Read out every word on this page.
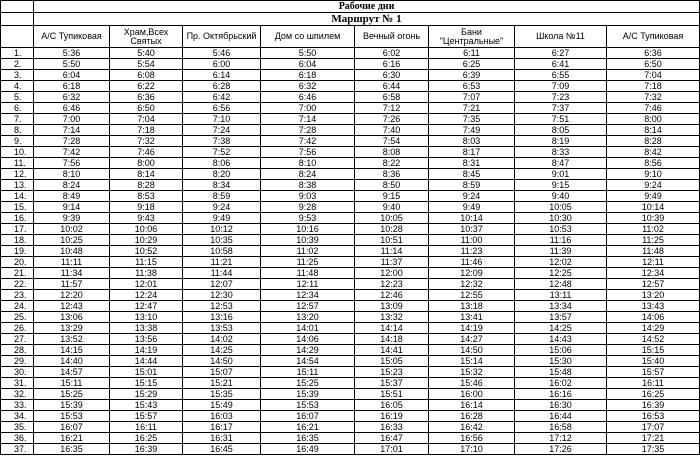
	Рабочие дни							
	Маршрут № 1							
	А/С Тупиковая	Храм,Всех Святых	Пр. Октябрьский	Дом со шпилем	Вечный огонь	Бани "Центральные"	Школа №11	А/С Тупиковая
1.	5:36	5:40	5:46	5:50	6:02	6:11	6:27	6:36
2.	5:50	5:54	6:00	6:04	6:16	6:25	6:41	6:50
3.	6:04	6:08	6:14	6:18	6:30	6:39	6:55	7:04
4.	6:18	6:22	6:28	6:32	6:44	6:53	7:09	7:18
5.	6:32	6:36	6:42	6:46	6:58	7:07	7:23	7:32
6.	6:46	6:50	6:56	7:00	7:12	7:21	7:37	7:46
7.	7:00	7:04	7:10	7:14	7:26	7:35	7:51	8:00
8.	7:14	7:18	7:24	7:28	7:40	7:49	8:05	8:14
9.	7:28	7:32	7:38	7:42	7:54	8:03	8:19	8:28
10.	7:42	7:46	7:52	7:56	8:08	8:17	8:33	8:42
11.	7:56	8:00	8:06	8:10	8:22	8:31	8:47	8:56
12.	8:10	8:14	8:20	8:24	8:36	8:45	9:01	9:10
13.	8:24	8:28	8:34	8:38	8:50	8:59	9:15	9:24
14.	8:49	8:53	8:59	9:03	9:15	9:24	9:40	9:49
15.	9:14	9:18	9:24	9:28	9:40	9:49	10:05	10:14
16.	9:39	9:43	9:49	9:53	10:05	10:14	10:30	10:39
17.	10:02	10:06	10:12	10:16	10:28	10:37	10:53	11:02
18.	10:25	10:29	10:35	10:39	10:51	11:00	11:16	11:25
19.	10:48	10:52	10:58	11:02	11:14	11:23	11:39	11:48
20.	11:11	11:15	11:21	11:25	11:37	11:46	12:02	12:11
21.	11:34	11:38	11:44	11:48	12:00	12:09	12:25	12:34
22.	11:57	12:01	12:07	12:11	12:23	12:32	12:48	12:57
23.	12:20	12:24	12:30	12:34	12:46	12:55	13:11	13:20
24.	12:43	12:47	12:53	12:57	13:09	13:18	13:34	13:43
25.	13:06	13:10	13:16	13:20	13:32	13:41	13:57	14:06
26.	13:29	13:38	13:53	14:01	14:14	14:19	14:25	14:29
27.	13:52	13:56	14:02	14:06	14:18	14:27	14:43	14:52
28.	14:15	14:19	14:25	14:29	14:41	14:50	15:06	15:15
29.	14:40	14:44	14:50	14:54	15:05	15:14	15:30	15:40
30.	14:57	15:01	15:07	15:11	15:23	15:32	15:48	15:57
31.	15:11	15:15	15:21	15:25	15:37	15:46	16:02	16:11
32.	15:25	15:29	15:35	15:39	15:51	16:00	16:16	16:25
33.	15:39	15:43	15:49	15:53	16:05	16:14	16:30	16:39
34.	15:53	15:57	16:03	16:07	16:19	16:28	16:44	16:53
35.	16:07	16:11	16:17	16:21	16:33	16:42	16:58	17:07
36.	16:21	16:25	16:31	16:35	16:47	16:56	17:12	17:21
37.	16:35	16:39	16:45	16:49	17:01	17:10	17:26	17:35
